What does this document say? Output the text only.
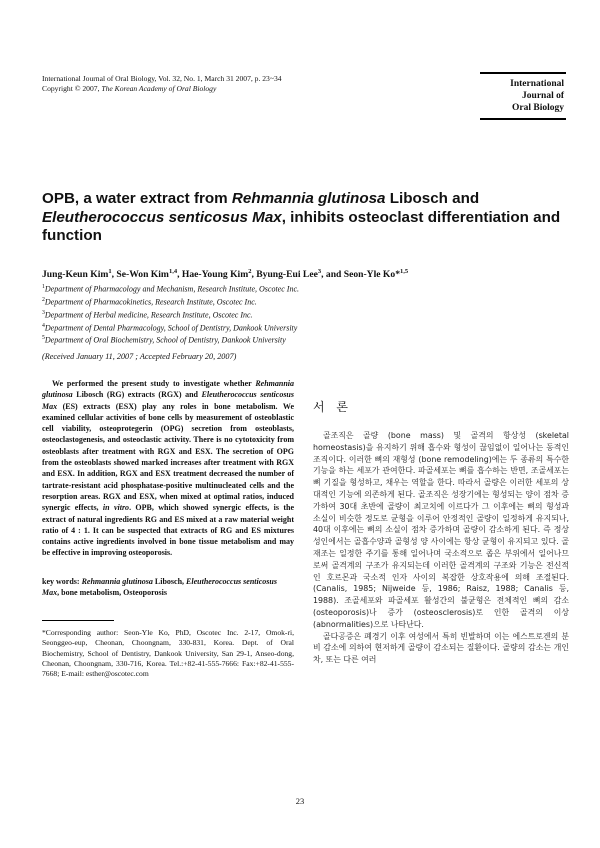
International Journal of Oral Biology, Vol. 32, No. 1, March 31 2007, p. 23~34
Copyright © 2007, The Korean Academy of Oral Biology	International
Journal of
Oral Biology
OPB, a water extract from Rehmannia glutinosa Libosch and Eleutherococcus senticosus Max, inhibits osteoclast differentiation and function
Jung-Keun Kim$^1$, Se-Won Kim$^{1,4}$, Hae-Young Kim$^2$, Byung-Eui Lee$^3$, and Seon-Yle Ko*$^{1,5}$
$^1$Department of Pharmacology and Mechanism, Research Institute, Oscotec Inc.
$^2$Department of Pharmacokinetics, Research Institute, Oscotec Inc.
$^3$Department of Herbal medicine, Research Institute, Oscotec Inc.
$^4$Department of Dental Pharmacology, School of Dentistry, Dankook University
$^5$Department of Oral Biochemistry, School of Dentistry, Dankook University
(Received January 11, 2007 ; Accepted February 20, 2007)
We performed the present study to investigate whether Rehmannia glutinosa Libosch (RG) extracts (RGX) and Eleutherococcus senticosus Max (ES) extracts (ESX) play any roles in bone metabolism. We examined cellular activities of bone cells by measurement of osteoblastic cell viability, osteoprotegerin (OPG) secretion from osteoblasts, osteoclastogenesis, and osteoclastic activity. There is no cytotoxicity from osteoblasts after treatment with RGX and ESX. The secretion of OPG from the osteoblasts showed marked increases after treatment with RGX and ESX. In addition, RGX and ESX treatment decreased the number of tartrate-resistant acid phosphatase-positive multinucleated cells and the resorption areas. RGX and ESX, when mixed at optimal ratios, induced synergic effects, in vitro. OPB, which showed synergic effects, is the extract of natural ingredients RG and ES mixed at a raw material weight ratio of 4 : 1. It can be suspected that extracts of RG and ES mixtures contains active ingredients involved in bone tissue metabolism and may be effective in improving osteoporosis.
key words: Rehmannia glutinosa Libosch, Eleutherococcus senticosus Max, bone metabolism, Osteoporosis
*Corresponding author: Seon-Yle Ko, PhD, Oscotec Inc. 2-17, Omok-ri, Seonggeo-eup, Cheonan, Choongnam, 330-831, Korea. Dept. of Oral Biochemistry, School of Dentistry, Dankook University, San 29-1, Anseo-dong, Cheonan, Choongnam, 330-716, Korea. Tel.:+82-41-555-7666: Fax:+82-41-555-7668; E-mail: esther@oscotec.com
서 론

골조직은 골량 (bone mass) 및 골격의 항상성 (skeletal homeostasis)을 유지하기 위해 흡수와 형성이 끊임없이 일어나는 동적인 조직이다. 이러한 뼈의 재형성 (bone remodeling)에는 두 종류의 특수한 기능을 하는 세포가 관여한다. 파골세포는 뼈를 흡수하는 반면, 조골세포는 뼈 기질을 형성하고, 채우는 역할을 한다. 따라서 골량은 이러한 세포의 상대적인 기능에 의존하게 된다. 골조직은 성장기에는 형성되는 양이 점차 증가하여 30대 초반에 골량이 최고치에 이르다가 그 이후에는 뼈의 형성과 소실이 비슷한 정도로 균형을 이루어 안정적인 골량이 일정하게 유지되나, 40대 이후에는 뼈의 소실이 점차 증가하며 골량이 감소하게 된다. 즉 정상 성인에서는 골흡수양과 골형성 양 사이에는 항상 균형이 유지되고 있다. 골 재조는 일정한 주기를 통해 일어나며 국소적으로 좁은 부위에서 일어나므로써 골격계의 구조가 유지되는데 이러한 골격계의 구조와 기능은 전신적인 호르몬과 국소적 인자 사이의 복잡한 상호작용에 의해 조절된다. (Canalis, 1985; Nijweide 등, 1986; Raisz, 1988; Canalis 등, 1988). 조골세포와 파골세포 활성간의 불균형은 전체적인 뼈의 감소 (osteoporosis)나 증가 (osteosclerosis)로 인한 골격의 이상 (abnormalities)으로 나타난다.

골다공증은 폐경기 이후 여성에서 특히 빈발하며 이는 에스트로겐의 분비 감소에 의하여 현저하게 골량이 감소되는 질환이다. 골량의 감소는 개인차, 또는 다른 여러

23
